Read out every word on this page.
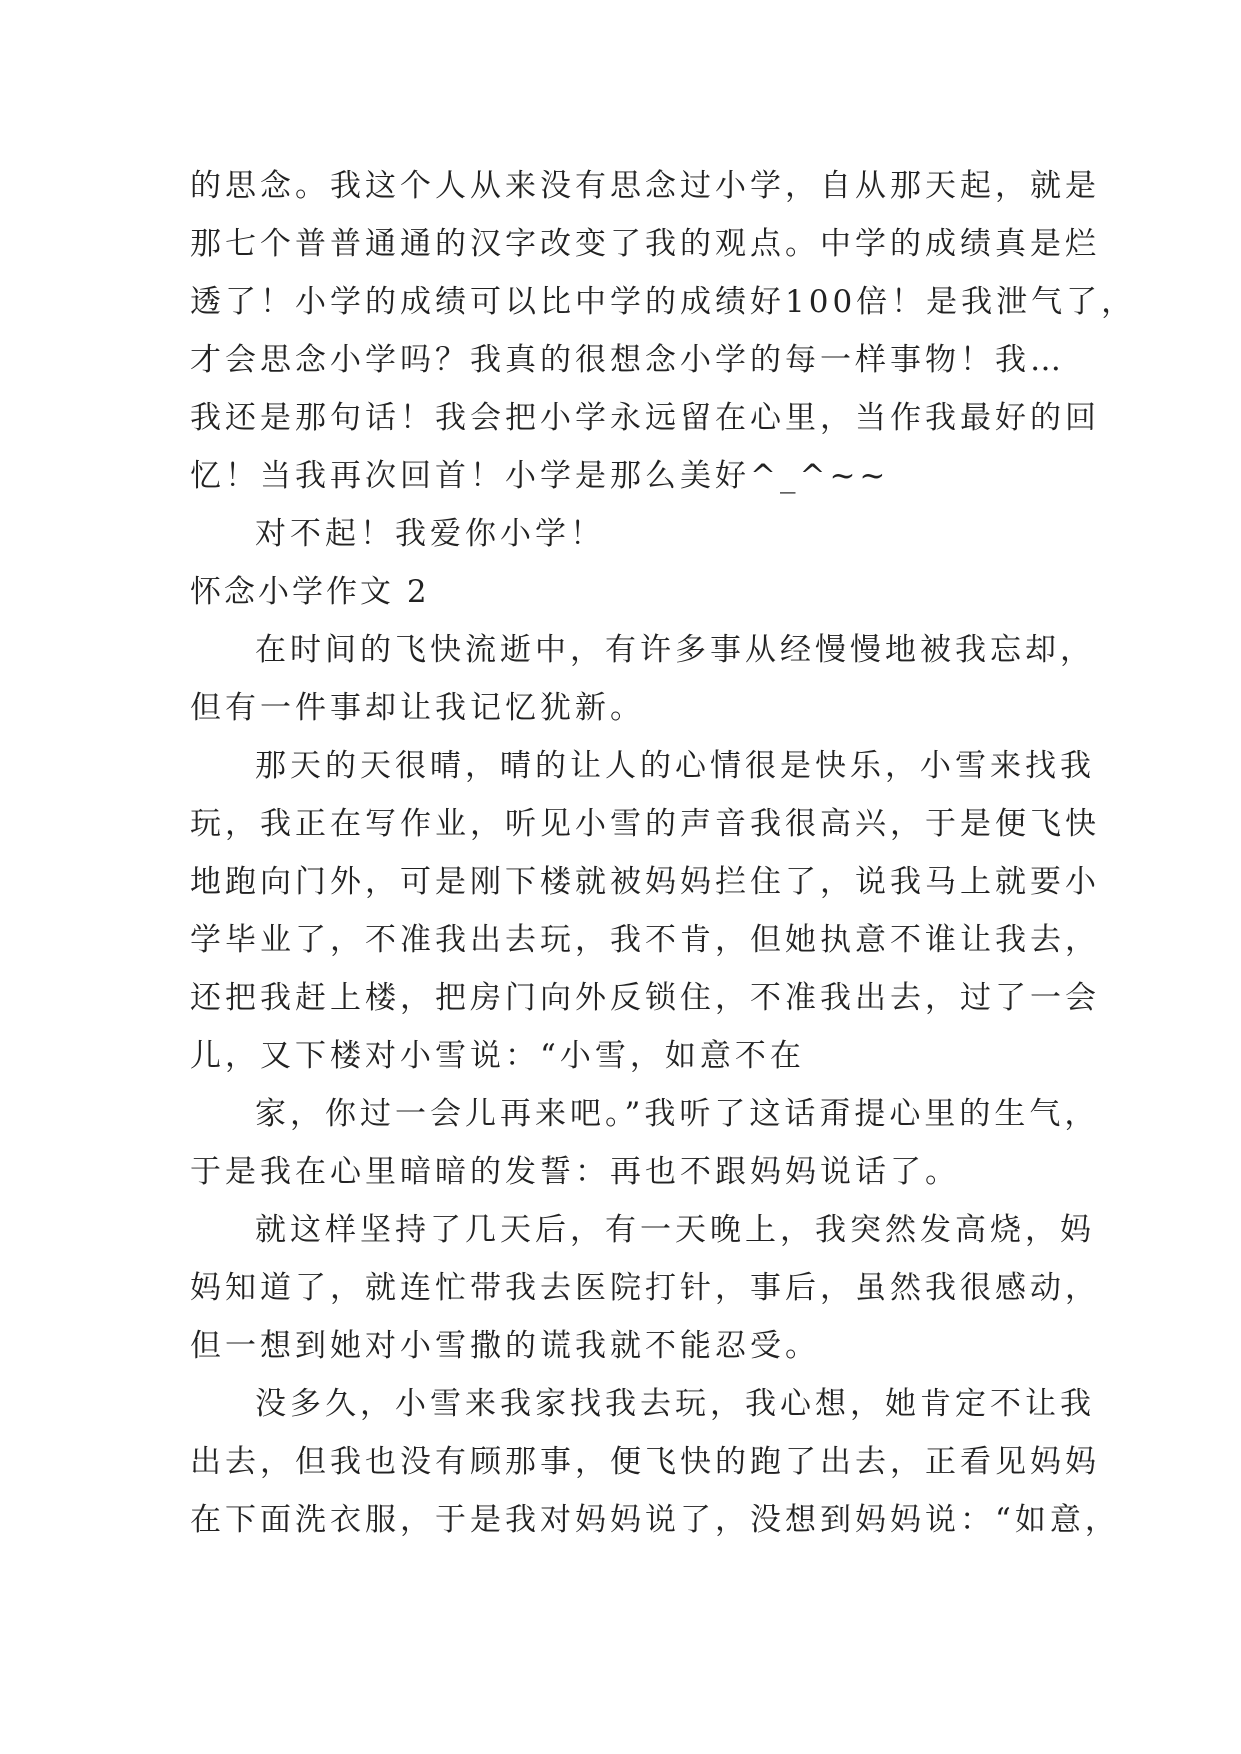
的思念。我这个人从来没有思念过小学，自从那天起，就是
那七个普普通通的汉字改变了我的观点。中学的成绩真是烂
透了！小学的成绩可以比中学的成绩好100倍！是我泄气了，
才会思念小学吗？我真的很想念小学的每一样事物！我…
我还是那句话！我会把小学永远留在心里，当作我最好的回
忆！当我再次回首！小学是那么美好^_^~~
对不起！我爱你小学！
怀念小学作文 2
在时间的飞快流逝中，有许多事从经慢慢地被我忘却，
但有一件事却让我记忆犹新。
那天的天很晴，晴的让人的心情很是快乐，小雪来找我
玩，我正在写作业，听见小雪的声音我很高兴，于是便飞快
地跑向门外，可是刚下楼就被妈妈拦住了，说我马上就要小
学毕业了，不准我出去玩，我不肯，但她执意不谁让我去，
还把我赶上楼，把房门向外反锁住，不准我出去，过了一会
儿，又下楼对小雪说：“小雪，如意不在
家，你过一会儿再来吧。”我听了这话甭提心里的生气，
于是我在心里暗暗的发誓：再也不跟妈妈说话了。
就这样坚持了几天后，有一天晚上，我突然发高烧，妈
妈知道了，就连忙带我去医院打针，事后，虽然我很感动，
但一想到她对小雪撒的谎我就不能忍受。
没多久，小雪来我家找我去玩，我心想，她肯定不让我
出去，但我也没有顾那事，便飞快的跑了出去，正看见妈妈
在下面洗衣服，于是我对妈妈说了，没想到妈妈说：“如意，
